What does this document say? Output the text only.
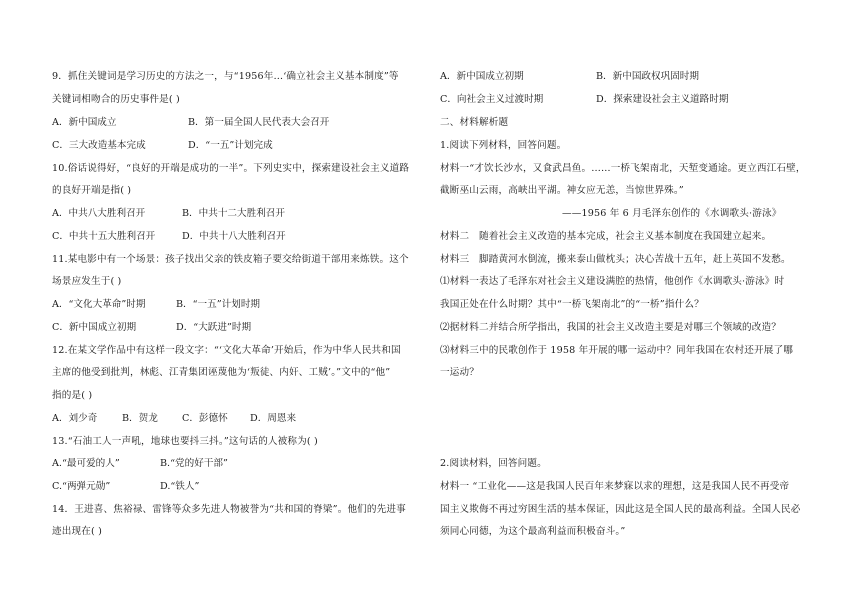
9．抓住关键词是学习历史的方法之一，与“1956年…‘确立社会主义基本制度”等
关键词相吻合的历史事件是( )
A．新中国成立	B．第一届全国人民代表大会召开
C．三大改造基本完成	D．“一五”计划完成
10.俗话说得好，“良好的开端是成功的一半”。下列史实中，探索建设社会主义道路
的良好开端是指( )
A．中共八大胜利召开	B．中共十二大胜利召开
C．中共十五大胜利召开	D．中共十八大胜利召开
11.某电影中有一个场景：孩子找出父亲的铁皮箱子要交给街道干部用来炼铁。这个
场景应发生于( )
A．“文化大革命”时期	B．“一五”计划时期
C．新中国成立初期	D．“大跃进”时期
12.在某文学作品中有这样一段文字：“‘文化大革命’开始后，作为中华人民共和国
主席的他受到批判，林彪、江青集团诬蔑他为‘叛徒、内奸、工贼’。”文中的“他”
指的是( )
A．刘少奇	B．贺龙	C．彭德怀 D．周恩来
13.“石油工人一声吼，地球也要抖三抖。”这句话的人被称为( )
A.“最可爱的人”	B.“党的好干部”
C.“两弹元勋”	D.“铁人”
14．王进喜、焦裕禄、雷锋等众多先进人物被誉为“共和国的脊梁”。他们的先进事
迹出现在( )
A．新中国成立初期	B．新中国政权巩固时期
C．向社会主义过渡时期	D．探索建设社会主义道路时期
二、材料解析题
1.阅读下列材料，回答问题。
材料一“才饮长沙水，又食武昌鱼。……一桥飞架南北，天堑变通途。更立西江石壁，
截断巫山云雨，高峡出平湖。神女应无恙，当惊世界殊。”
——1956 年 6 月毛泽东创作的《水调歌头·游泳》
材料二　随着社会主义改造的基本完成，社会主义基本制度在我国建立起来。
材料三　脚踏黄河水倒流，搬来泰山做枕头；决心苦战十五年，赶上英国不发愁。
⑴材料一表达了毛泽东对社会主义建设满腔的热情，他创作《水调歌头·游泳》时
我国正处在什么时期？其中“一桥飞架南北”的“一桥”指什么？
⑵据材料二并结合所学指出，我国的社会主义改造主要是对哪三个领域的改造？
⑶材料三中的民歌创作于 1958 年开展的哪一运动中？同年我国在农村还开展了哪
一运动？
2.阅读材料，回答问题。
材料一 “工业化——这是我国人民百年来梦寐以求的理想，这是我国人民不再受帝
国主义欺侮不再过穷困生活的基本保证，因此这是全国人民的最高利益。全国人民必
须同心同德，为这个最高利益而积极奋斗。”
